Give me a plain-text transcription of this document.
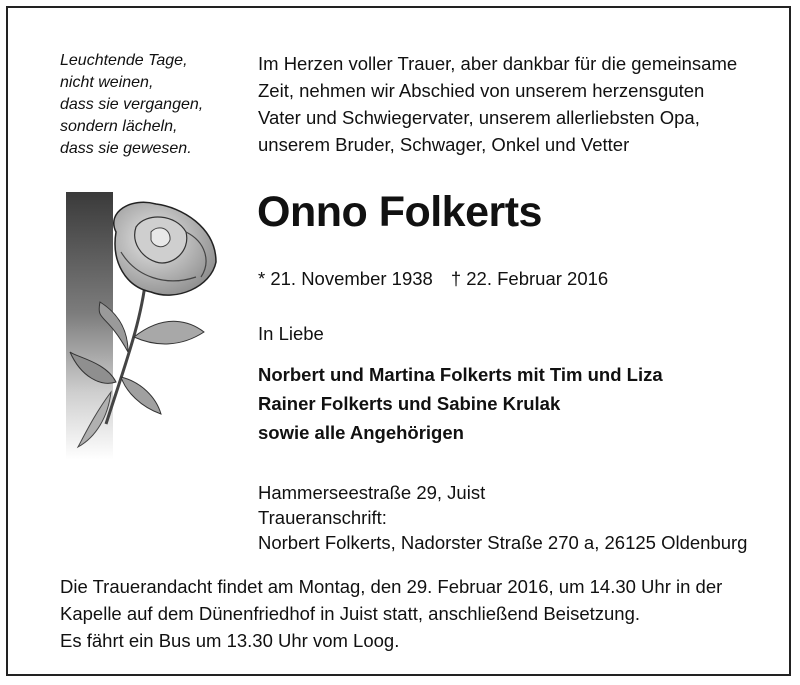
Leuchtende Tage,
nicht weinen,
dass sie vergangen,
sondern lächeln,
dass sie gewesen.
Im Herzen voller Trauer, aber dankbar für die gemeinsame
Zeit, nehmen wir Abschied von unserem herzensguten
Vater und Schwiegervater, unserem allerliebsten Opa,
unserem Bruder, Schwager, Onkel und Vetter
Onno Folkerts
* 21. November 1938 † 22. Februar 2016
In Liebe
Norbert und Martina Folkerts mit Tim und Liza
Rainer Folkerts und Sabine Krulak
sowie alle Angehörigen
Hammerseestraße 29, Juist
Traueranschrift:
Norbert Folkerts, Nadorster Straße 270 a, 26125 Oldenburg
Die Trauerandacht findet am Montag, den 29. Februar 2016, um 14.30 Uhr in der
Kapelle auf dem Dünenfriedhof in Juist statt, anschließend Beisetzung.
Es fährt ein Bus um 13.30 Uhr vom Loog.
